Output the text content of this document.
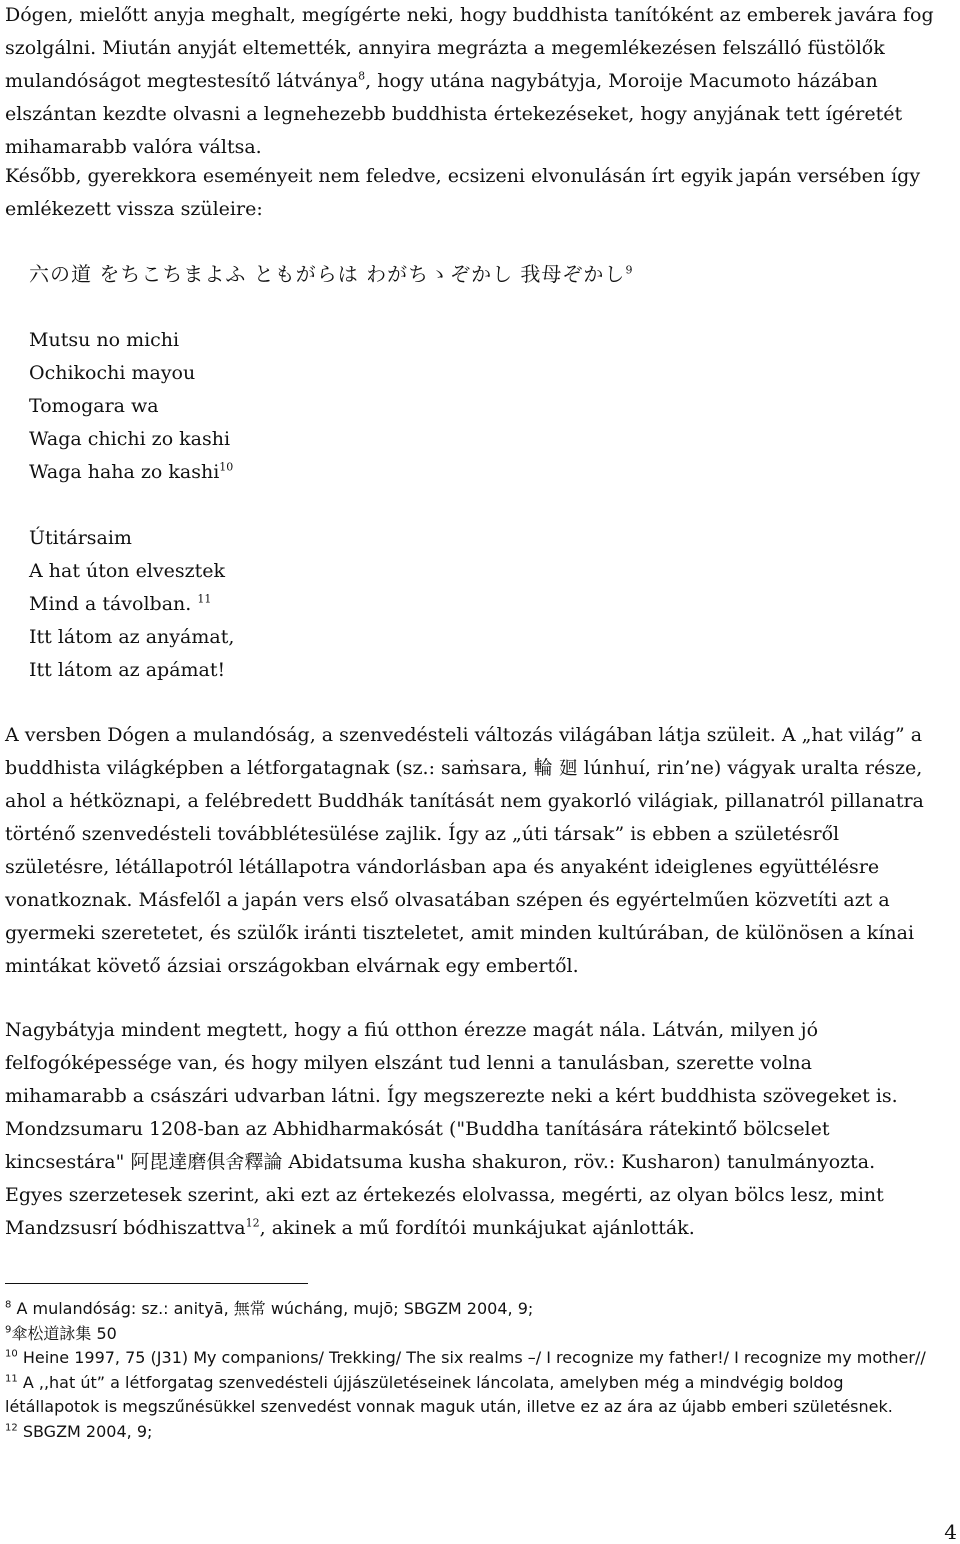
Dógen, mielőtt anyja meghalt, megígérte neki, hogy buddhista tanítóként az emberek javára fog szolgálni. Miután anyját eltemették, annyira megrázta a megemlékezésen felszálló füstölők mulandóságot megtestesítő látványa$^8$, hogy utána nagybátyja, Moroije Macumoto házában elszántan kezdte olvasni a legnehezebb buddhista értekezéseket, hogy anyjának tett ígéretét mihamarabb valóra váltsa.

Később, gyerekkora eseményeit nem feledve, ecsizeni elvonulásán írt egyik japán versében így emlékezett vissza szüleire:

六の道 をちこちまよふ ともがらは わがちゝぞかし 我母ぞかし$^9$
Mutsu no michi
Ochikochi mayou
Tomogara wa
Waga chichi zo kashi
Waga haha zo kashi$^{10}$
Útitársaim
A hat úton elvesztek
Mind a távolban. $^{11}$
Itt látom az anyámat,
Itt látom az apámat!

A versben Dógen a mulandóság, a szenvedésteli változás világában látja szüleit. A „hat világ” a buddhista világképben a létforgatagnak (sz.: saṁsara, 輪 廻 lúnhuí, rin’ne) vágyak uralta része, ahol a hétköznapi, a felébredett Buddhák tanítását nem gyakorló világiak, pillanatról pillanatra történő szenvedésteli továbblétesülése zajlik. Így az „úti társak” is ebben a születésről születésre, létállapotról létállapotra vándorlásban apa és anyaként ideiglenes együttélésre vonatkoznak. Másfelől a japán vers első olvasatában szépen és egyértelműen közvetíti azt a gyermeki szeretetet, és szülők iránti tiszteletet, amit minden kultúrában, de különösen a kínai mintákat követő ázsiai országokban elvárnak egy embertől.

Nagybátyja mindent megtett, hogy a fiú otthon érezze magát nála. Látván, milyen jó felfogóképessége van, és hogy milyen elszánt tud lenni a tanulásban, szerette volna mihamarabb a császári udvarban látni. Így megszerezte neki a kért buddhista szövegeket is. Mondzsumaru 1208-ban az Abhidharmakósát ("Buddha tanítására rátekintő bölcselet kincsestára" 阿毘達磨俱舍釋論 Abidatsuma kusha shakuron, röv.: Kusharon) tanulmányozta. Egyes szerzetesek szerint, aki ezt az értekezés elolvassa, megérti, az olyan bölcs lesz, mint Mandzsusrí bódhiszattva$^{12}$, akinek a mű fordítói munkájukat ajánlották.

$^8$ A mulandóság: sz.: anityā, 無常 wúcháng, mujō; SBGZM 2004, 9;
$^9$傘松道詠集 50
$^{10}$ Heine 1997, 75 (J31) My companions/ Trekking/ The six realms –/ I recognize my father!/ I recognize my mother//
$^{11}$ A ,,hat út” a létforgatag szenvedésteli újjászületéseinek láncolata, amelyben még a mindvégig boldog létállapotok is megszűnésükkel szenvedést vonnak maguk után, illetve ez az ára az újabb emberi születésnek.
$^{12}$ SBGZM 2004, 9;
4
